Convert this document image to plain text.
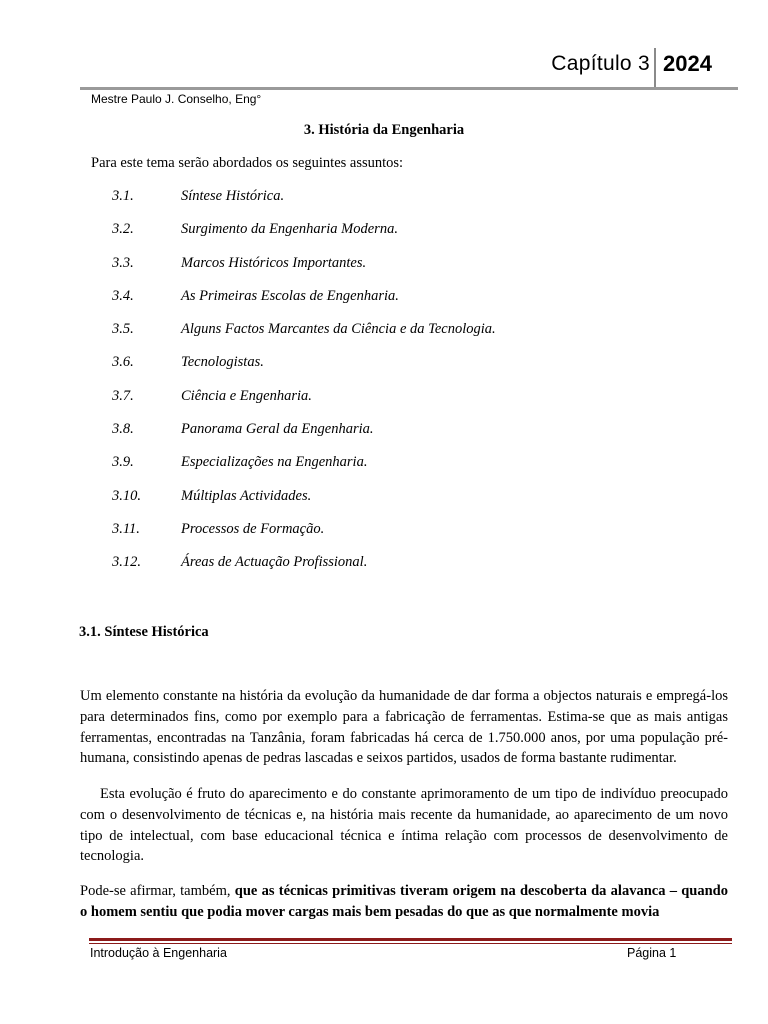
Capítulo 3 2024
Mestre Paulo J. Conselho, Eng°
3. História da Engenharia
Para este tema serão abordados os seguintes assuntos:
3.1.	Síntese Histórica.
3.2.	Surgimento da Engenharia Moderna.
3.3.	Marcos Históricos Importantes.
3.4.	As Primeiras Escolas de Engenharia.
3.5.	Alguns Factos Marcantes da Ciência e da Tecnologia.
3.6.	Tecnologistas.
3.7.	Ciência e Engenharia.
3.8.	Panorama Geral da Engenharia.
3.9.	Especializações na Engenharia.
3.10.	Múltiplas Actividades.
3.11.	Processos de Formação.
3.12.	Áreas de Actuação Profissional.
3.1. Síntese Histórica

Um elemento constante na história da evolução da humanidade de dar forma a objectos naturais e empregá-los para determinados fins, como por exemplo para a fabricação de ferramentas. Estima-se que as mais antigas ferramentas, encontradas na Tanzânia, foram fabricadas há cerca de 1.750.000 anos, por uma população pré-humana, consistindo apenas de pedras lascadas e seixos partidos, usados de forma bastante rudimentar.

Esta evolução é fruto do aparecimento e do constante aprimoramento de um tipo de indivíduo preocupado com o desenvolvimento de técnicas e, na história mais recente da humanidade, ao aparecimento de um novo tipo de intelectual, com base educacional técnica e íntima relação com processos de desenvolvimento de tecnologia.

Pode-se afirmar, também, que as técnicas primitivas tiveram origem na descoberta da alavanca – quando o homem sentiu que podia mover cargas mais bem pesadas do que as que normalmente movia

Introdução à Engenharia	Página 1
